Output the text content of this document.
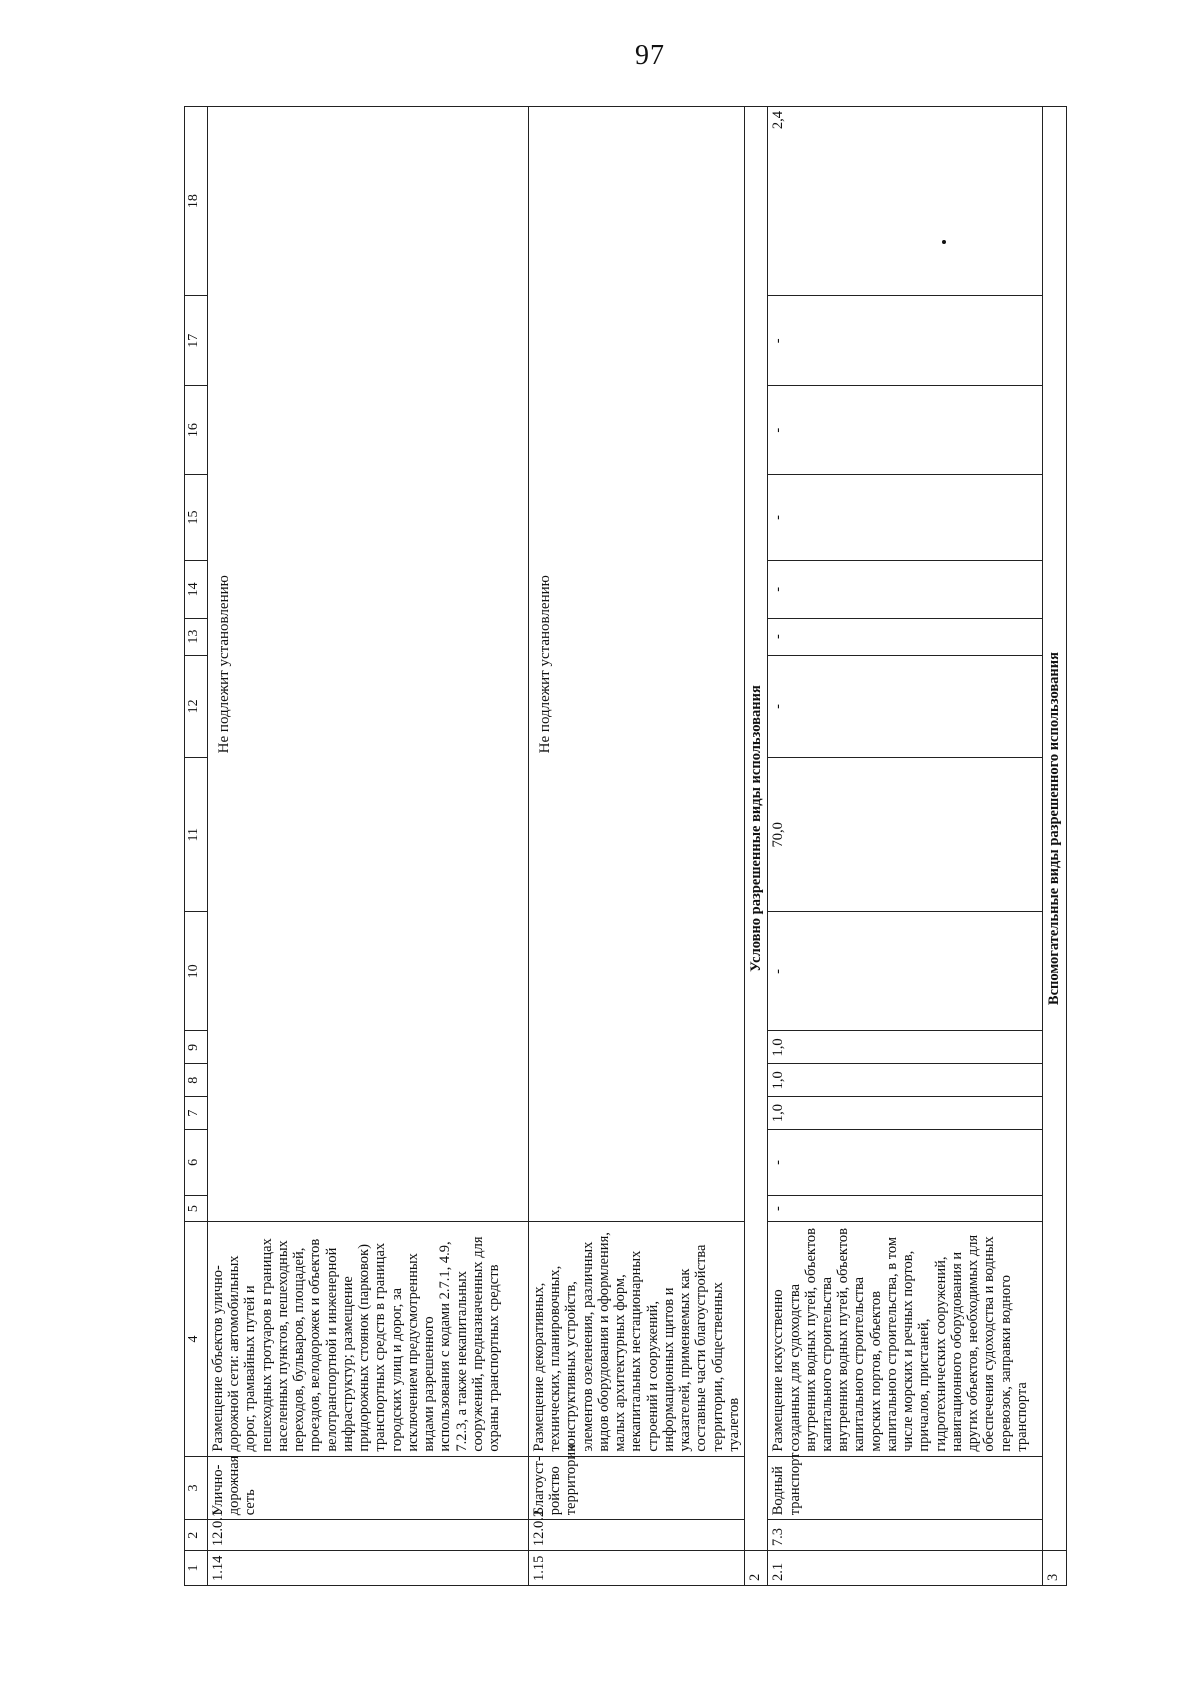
97
1	2	3	4	5	6	7	8	9	10	11	12	13	14	15	16	17	18
1.14	12.0.1	Улично-дорожная сеть	Размещение объектов улично-дорожной сети: автомобильных дорог, трамвайных путей и пешеходных тротуаров в границах населенных пунктов, пешеходных переходов, бульваров, площадей, проездов, велодорожек и объектов велотранспортной и инженерной инфраструктур; размещение придорожных стоянок (парковок) транспортных средств в границах городских улиц и дорог, за исключением предусмотренных видами разрешенного использования с кодами 2.7.1, 4.9, 7.2.3, а также некапитальных сооружений, предназначенных для охраны транспортных средств	Не подлежит установлению													
1.15	12.0.2	Благоуст-ройство территории	Размещение декоративных, технических, планировочных, конструктивных устройств, элементов озеленения, различных видов оборудования и оформления, малых архитектурных форм, некапитальных нестационарных строений и сооружений, информационных щитов и указателей, применяемых как составные части благоустройства территории, общественных туалетов	Не подлежит установлению													
2	Условно разрешенные виды использования																
2.1	7.3	Водный транспорт	Размещение искусственно созданных для судоходства внутренних водных путей, объектов капитального строительства внутренних водных путей, объектов капитального строительства морских портов, объектов капитального строительства, в том числе морских и речных портов, причалов, пристаней, гидротехнических сооружений, навигационного оборудования и других объектов, необходимых для обеспечения судоходства и водных перевозок, заправки водного транспорта	-	-	1,0	1,0	1,0	-	70,0	-	-	-	-	-	-	2,4
3	Вспомогательные виды разрешенного использования																
